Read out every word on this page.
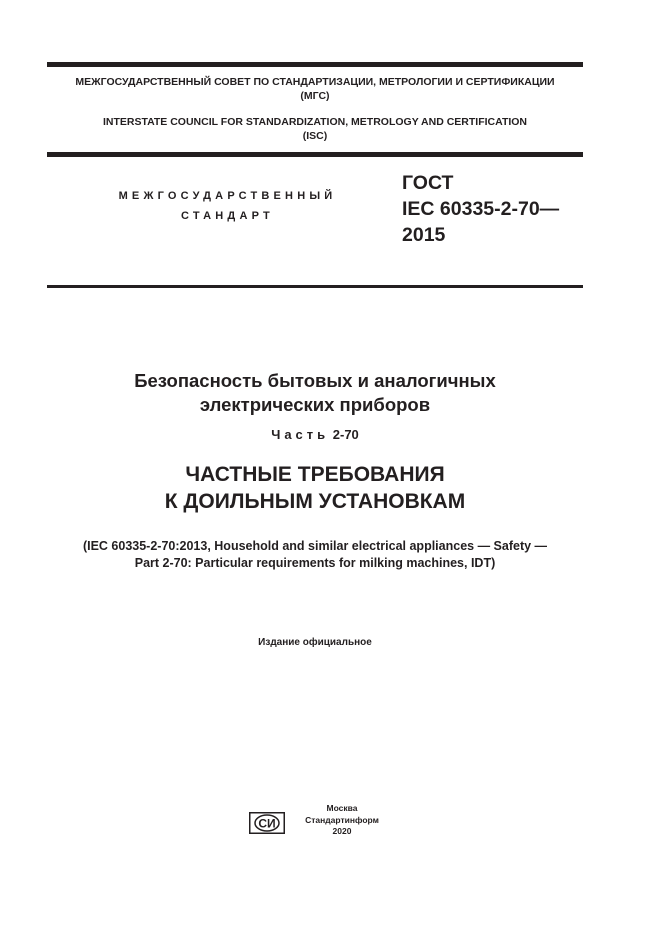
МЕЖГОСУДАРСТВЕННЫЙ СОВЕТ ПО СТАНДАРТИЗАЦИИ, МЕТРОЛОГИИ И СЕРТИФИКАЦИИ
(МГС)
INTERSTATE COUNCIL FOR STANDARDIZATION, METROLOGY AND CERTIFICATION
(ISC)
МЕЖГОСУДАРСТВЕННЫЙ
СТАНДАРТ
ГОСТ
IEC 60335-2-70—
2015
Безопасность бытовых и аналогичных
электрических приборов
Часть 2-70
ЧАСТНЫЕ ТРЕБОВАНИЯ
К ДОИЛЬНЫМ УСТАНОВКАМ
(IEC 60335-2-70:2013, Household and similar electrical appliances — Safety —
Part 2-70: Particular requirements for milking machines, IDT)
Издание официальное
СИ
Москва
Стандартинформ
2020
